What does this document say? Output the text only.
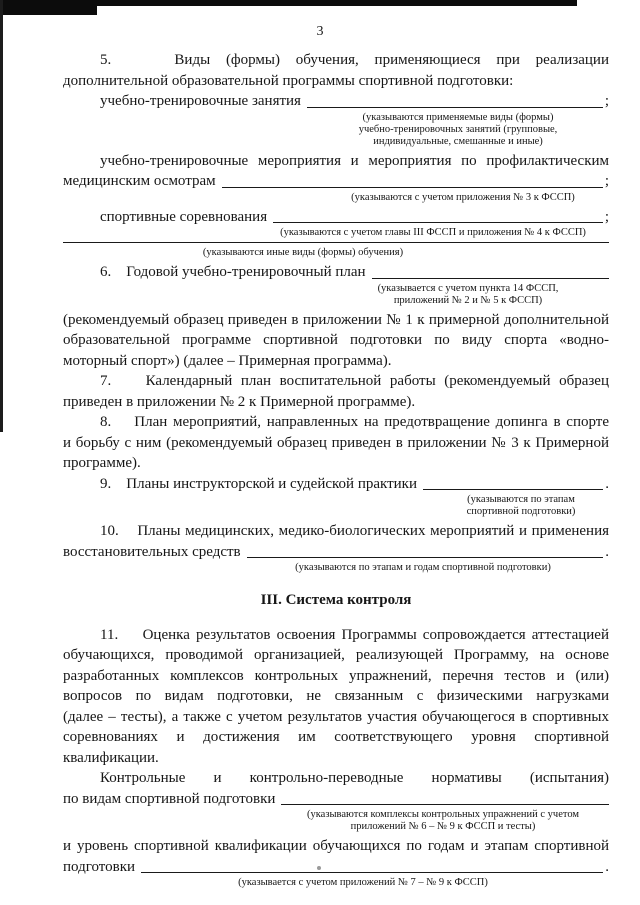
3
5.    Виды (формы) обучения, применяющиеся при реализации
дополнительной образовательной программы спортивной подготовки:
учебно-тренировочные занятия	;
(указываются применяемые виды (формы)
учебно-тренировочных занятий (групповые,
индивидуальные, смешанные и иные)
учебно-тренировочные мероприятия и мероприятия по профилактическим
медицинским осмотрам	;
(указываются с учетом приложения № 3 к ФССП)
спортивные соревнования	;
(указываются с учетом главы III ФССП и приложения № 4 к ФССП)
(указываются иные виды (формы) обучения)
6.    Годовой учебно-тренировочный план
(указывается с учетом пункта 14 ФССП,
приложений № 2 и № 5 к ФССП)
(рекомендуемый образец приведен в приложении № 1 к примерной дополнительной
образовательной программе спортивной подготовки по виду спорта «водно-
моторный спорт») (далее – Примерная программа).
7.    Календарный план воспитательной работы (рекомендуемый образец
приведен в приложении № 2 к Примерной программе).
8.    План мероприятий, направленных на предотвращение допинга в спорте
и борьбу с ним (рекомендуемый образец приведен в приложении № 3 к Примерной
программе).
9.    Планы инструкторской и судейской практики	.
(указываются по этапам
спортивной подготовки)
10.    Планы медицинских, медико-биологических мероприятий и применения
восстановительных средств	.
(указываются по этапам и годам спортивной подготовки)
III. Система контроля
11.    Оценка результатов освоения Программы сопровождается аттестацией
обучающихся, проводимой организацией, реализующей Программу, на основе
разработанных комплексов контрольных упражнений, перечня тестов и (или)
вопросов по видам подготовки, не связанным с физическими нагрузками
(далее – тесты), а также с учетом результатов участия обучающегося в спортивных
соревнованиях и достижения им соответствующего уровня спортивной
квалификации.
Контрольные и контрольно-переводные нормативы (испытания)
по видам спортивной подготовки
(указываются комплексы контрольных упражнений с учетом
приложений № 6 – № 9 к ФССП и тесты)
и уровень спортивной квалификации обучающихся по годам и этапам спортивной
подготовки	.
(указывается с учетом приложений № 7 – № 9 к ФССП)
